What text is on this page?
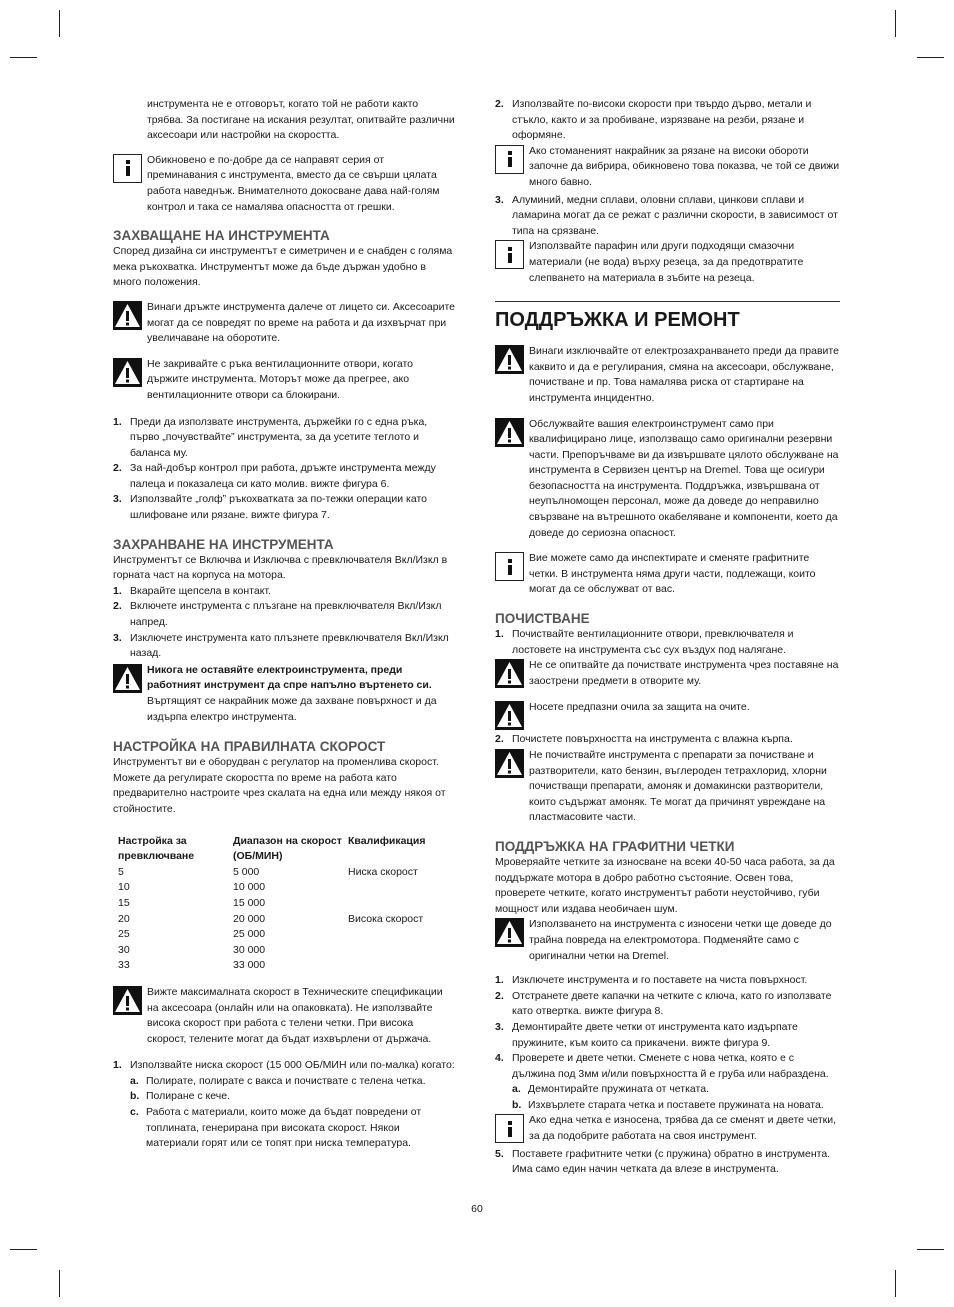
инструмента не е отговорът, когато той не работи както трябва. За постигане на искания резултат, опитвайте различни аксесоари или настройки на скоростта.

Обикновено е по-добре да се направят серия от преминавания с инструмента, вместо да се свърши цялата работа наведнъж. Внимателното докосване дава най-голям контрол и така се намалява опасността от грешки.

ЗАХВАЩАНЕ НА ИНСТРУМЕНТА

Според дизайна си инструментът е симетричен и е снабден с голяма мека ръкохватка. Инструментът може да бъде държан удобно в много положения.

Винаги дръжте инструмента далече от лицето си. Аксесоарите могат да се повредят по време на работа и да изхвърчат при увеличаване на оборотите.

Не закривайте с ръка вентилационните отвори, когато държите инструмента. Моторът може да прегрее, ако вентилационните отвори са блокирани.

1. Преди да използвате инструмента, държейки го с една ръка, първо „почувствайте” инструмента, за да усетите теглото и баланса му.
2. За най-добър контрол при работа, дръжте инструмента между палеца и показалеца си като молив. вижте фигура 6.
3. Използвайте „голф” ръкохватката за по-тежки операции като шлифоване или рязане. вижте фигура 7.
ЗАХРАНВАНЕ НА ИНСТРУМЕНТА

Инструментът се Включва и Изключва с превключвателя Вкл/Изкл в горната част на корпуса на мотора.

1. Вкарайте щепсела в контакт.
2. Включете инструмента с плъзгане на превключвателя Вкл/Изкл напред.
3. Изключете инструмента като плъзнете превключвателя Вкл/Изкл назад.

Никога не оставяйте електроинструмента, преди работният инструмент да спре напълно въртенето си. Въртящият се накрайник може да захване повърхност и да издърпа електро инструмента.

НАСТРОЙКА НА ПРАВИЛНАТА СКОРОСТ

Инструментът ви е оборудван с регулатор на променлива скорост. Можете да регулирате скоростта по време на работа като предварително настроите чрез скалата на една или между някоя от стойностите.

Настройка за превключване	Диапазон на скорост (ОБ/МИН)	Квалификация
5	5 000	Ниска скорост
10	10 000	
15	15 000	
20	20 000	Висока скорост
25	25 000	
30	30 000	
33	33 000	

Вижте максималната скорост в Техническите спецификации на аксесоара (онлайн или на опаковката). Не използвайте висока скорост при работа с телени четки. При висока скорост, телените могат да бъдат изхвърлени от държача.

1. Използвайте ниска скорост (15 000 ОБ/МИН или по-малка) когато:
a. Полирате, полирате с вакса и почиствате с телена четка.
b. Полиране с кече.
c. Работа с материали, които може да бъдат повредени от топлината, генерирана при високата скорост. Някои материали горят или се топят при ниска температура.
2. Използвайте по-високи скорости при твърдо дърво, метали и стъкло, както и за пробиване, изрязване на резби, рязане и оформяне.

Ако стоманеният накрайник за рязане на високи обороти започне да вибрира, обикновено това показва, че той се движи много бавно.

3. Алуминий, медни сплави, оловни сплави, цинкови сплави и ламарина могат да се режат с различни скорости, в зависимост от типа на срязване.

Използвайте парафин или други подходящи смазочни материали (не вода) върху резеца, за да предотвратите слепването на материала в зъбите на резеца.

ПОДДРЪЖКА И РЕМОНТ

Винаги изключвайте от електрозахранването преди да правите каквито и да е регулирания, смяна на аксесоари, обслужване, почистване и пр. Това намалява риска от стартиране на инструмента инцидентно.

Обслужвайте вашия електроинструмент само при квалифицирано лице, използващо само оригинални резервни части. Препоръчваме ви да извършвате цялото обслужване на инструмента в Сервизен център на Dremel. Това ще осигури безопасността на инструмента. Поддръжка, извършвана от неупълномощен персонал, може да доведе до неправилно свързване на вътрешното окабеляване и компоненти, което да доведе до сериозна опасност.

Вие можете само да инспектирате и сменяте графитните четки. В инструмента няма други части, подлежащи, които могат да се обслужват от вас.

ПОЧИСТВАНЕ
1. Почиствайте вентилационните отвори, превключвателя и лостовете на инструмента със сух въздух под налягане.

Не се опитвайте да почиствате инструмента чрез поставяне на заострени предмети в отворите му.

Носете предпазни очила за защита на очите.

2. Почистете повърхността на инструмента с влажна кърпа.

Не почиствайте инструмента с препарати за почистване и разтворители, като бензин, въглероден тетрахлорид, хлорни почистващи препарати, амоняк и домакински разтворители, които съдържат амоняк. Те могат да причинят увреждане на пластмасовите части.

ПОДДРЪЖКА НА ГРАФИТНИ ЧЕТКИ

Мроверяайте четките за износване на всеки 40-50 часа работа, за да поддържате мотора в добро работно състояние. Освен това, проверете четките, когато инструментът работи неустойчиво, губи мощност или издава необичаен шум.

Използването на инструмента с износени четки ще доведе до трайна повреда на електромотора. Подменяйте само с оригинални четки на Dremel.

1. Изключете инструмента и го поставете на чиста повърхност.
2. Отстранете двете капачки на четките с ключа, като го използвате като отвертка. вижте фигура 8.
3. Демонтирайте двете четки от инструмента като издърпате пружините, към които са прикачени. вижте фигура 9.
4. Проверете и двете четки. Сменете с нова четка, която е с дължина под 3мм и/или повърхността й е груба или набраздена.
a. Демонтирайте пружината от четката.
b. Изхвърлете старата четка и поставете пружината на новата.

Ако една четка е износена, трябва да се сменят и двете четки, за да подобрите работата на своя инструмент.

5. Поставете графитните четки (с пружина) обратно в инструмента. Има само един начин четката да влезе в инструмента.
60
